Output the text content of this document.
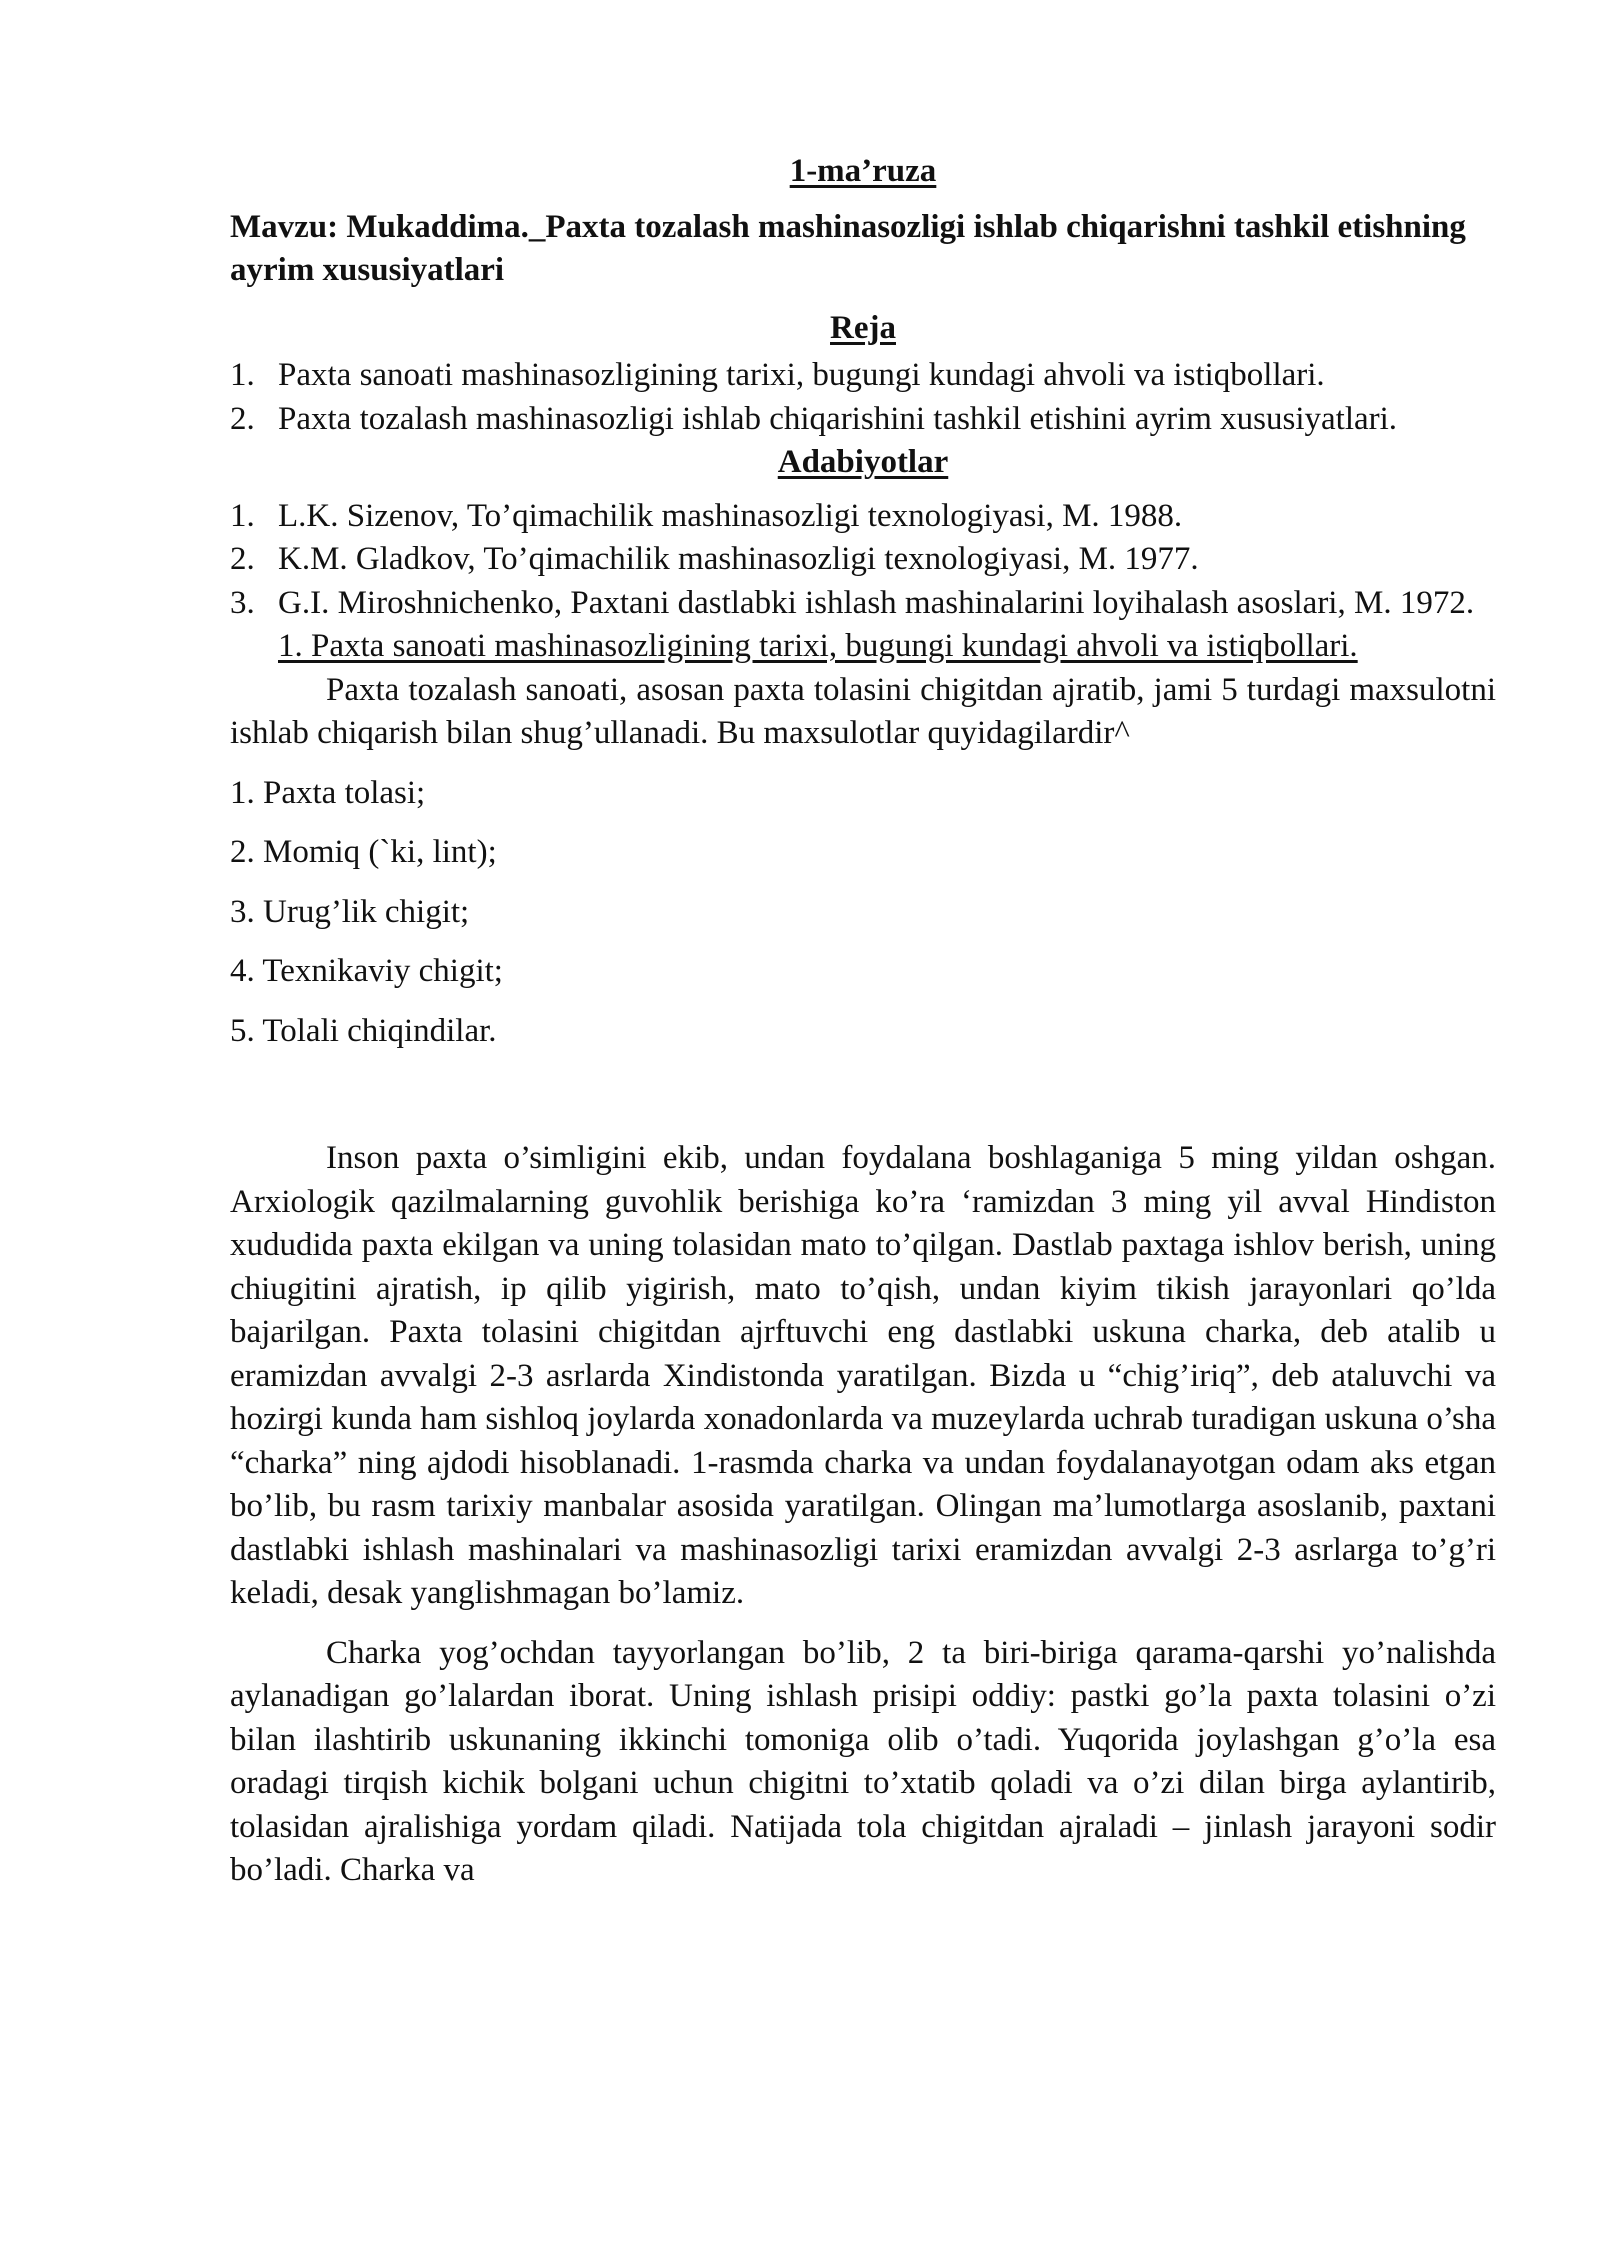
1-ma’ruza
Mavzu: Mukaddima._Paxta tozalash mashinasozligi ishlab chiqarishni tashkil etishning ayrim xususiyatlari
Reja
1. Paxta sanoati mashinasozligining tarixi, bugungi kundagi ahvoli va istiqbollari.
2. Paxta tozalash mashinasozligi ishlab chiqarishini tashkil etishini ayrim xususiyatlari.
Adabiyotlar
1. L.K. Sizenov, To’qimachilik mashinasozligi texnologiyasi, M. 1988.
2. K.M. Gladkov, To’qimachilik mashinasozligi texnologiyasi, M. 1977.
3. G.I. Miroshnichenko, Paxtani dastlabki ishlash mashinalarini loyihalash asoslari, M. 1972.
1. Paxta sanoati mashinasozligining tarixi, bugungi kundagi ahvoli va istiqbollari.

Paxta tozalash sanoati, asosan paxta tolasini chigitdan ajratib, jami 5 turdagi maxsulotni ishlab chiqarish bilan shug’ullanadi. Bu maxsulotlar quyidagilardir^

1. Paxta tolasi;
2. Momiq (`ki, lint);
3. Urug’lik chigit;
4. Texnikaviy chigit;
5. Tolali chiqindilar.

Inson paxta o’simligini ekib, undan foydalana boshlaganiga 5 ming yildan oshgan. Arxiologik qazilmalarning guvohlik berishiga ko’ra ‘ramizdan 3 ming yil avval Hindiston xududida paxta ekilgan va uning tolasidan mato to’qilgan. Dastlab paxtaga ishlov berish, uning chiugitini ajratish, ip qilib yigirish, mato to’qish, undan kiyim tikish jarayonlari qo’lda bajarilgan. Paxta tolasini chigitdan ajrftuvchi eng dastlabki uskuna charka, deb atalib u eramizdan avvalgi 2-3 asrlarda Xindistonda yaratilgan. Bizda u “chig’iriq”, deb ataluvchi va hozirgi kunda ham sishloq joylarda xonadonlarda va muzeylarda uchrab turadigan uskuna o’sha “charka” ning ajdodi hisoblanadi. 1-rasmda charka va undan foydalanayotgan odam aks etgan bo’lib, bu rasm tarixiy manbalar asosida yaratilgan. Olingan ma’lumotlarga asoslanib, paxtani dastlabki ishlash mashinalari va mashinasozligi tarixi eramizdan avvalgi 2-3 asrlarga to’g’ri keladi, desak yanglishmagan bo’lamiz.

Charka yog’ochdan tayyorlangan bo’lib, 2 ta biri-biriga qarama-qarshi yo’nalishda aylanadigan go’lalardan iborat. Uning ishlash prisipi oddiy: pastki go’la paxta tolasini o’zi bilan ilashtirib uskunaning ikkinchi tomoniga olib o’tadi. Yuqorida joylashgan g’o’la esa oradagi tirqish kichik bolgani uchun chigitni to’xtatib qoladi va o’zi dilan birga aylantirib, tolasidan ajralishiga yordam qiladi. Natijada tola chigitdan ajraladi – jinlash jarayoni sodir bo’ladi. Charka va
